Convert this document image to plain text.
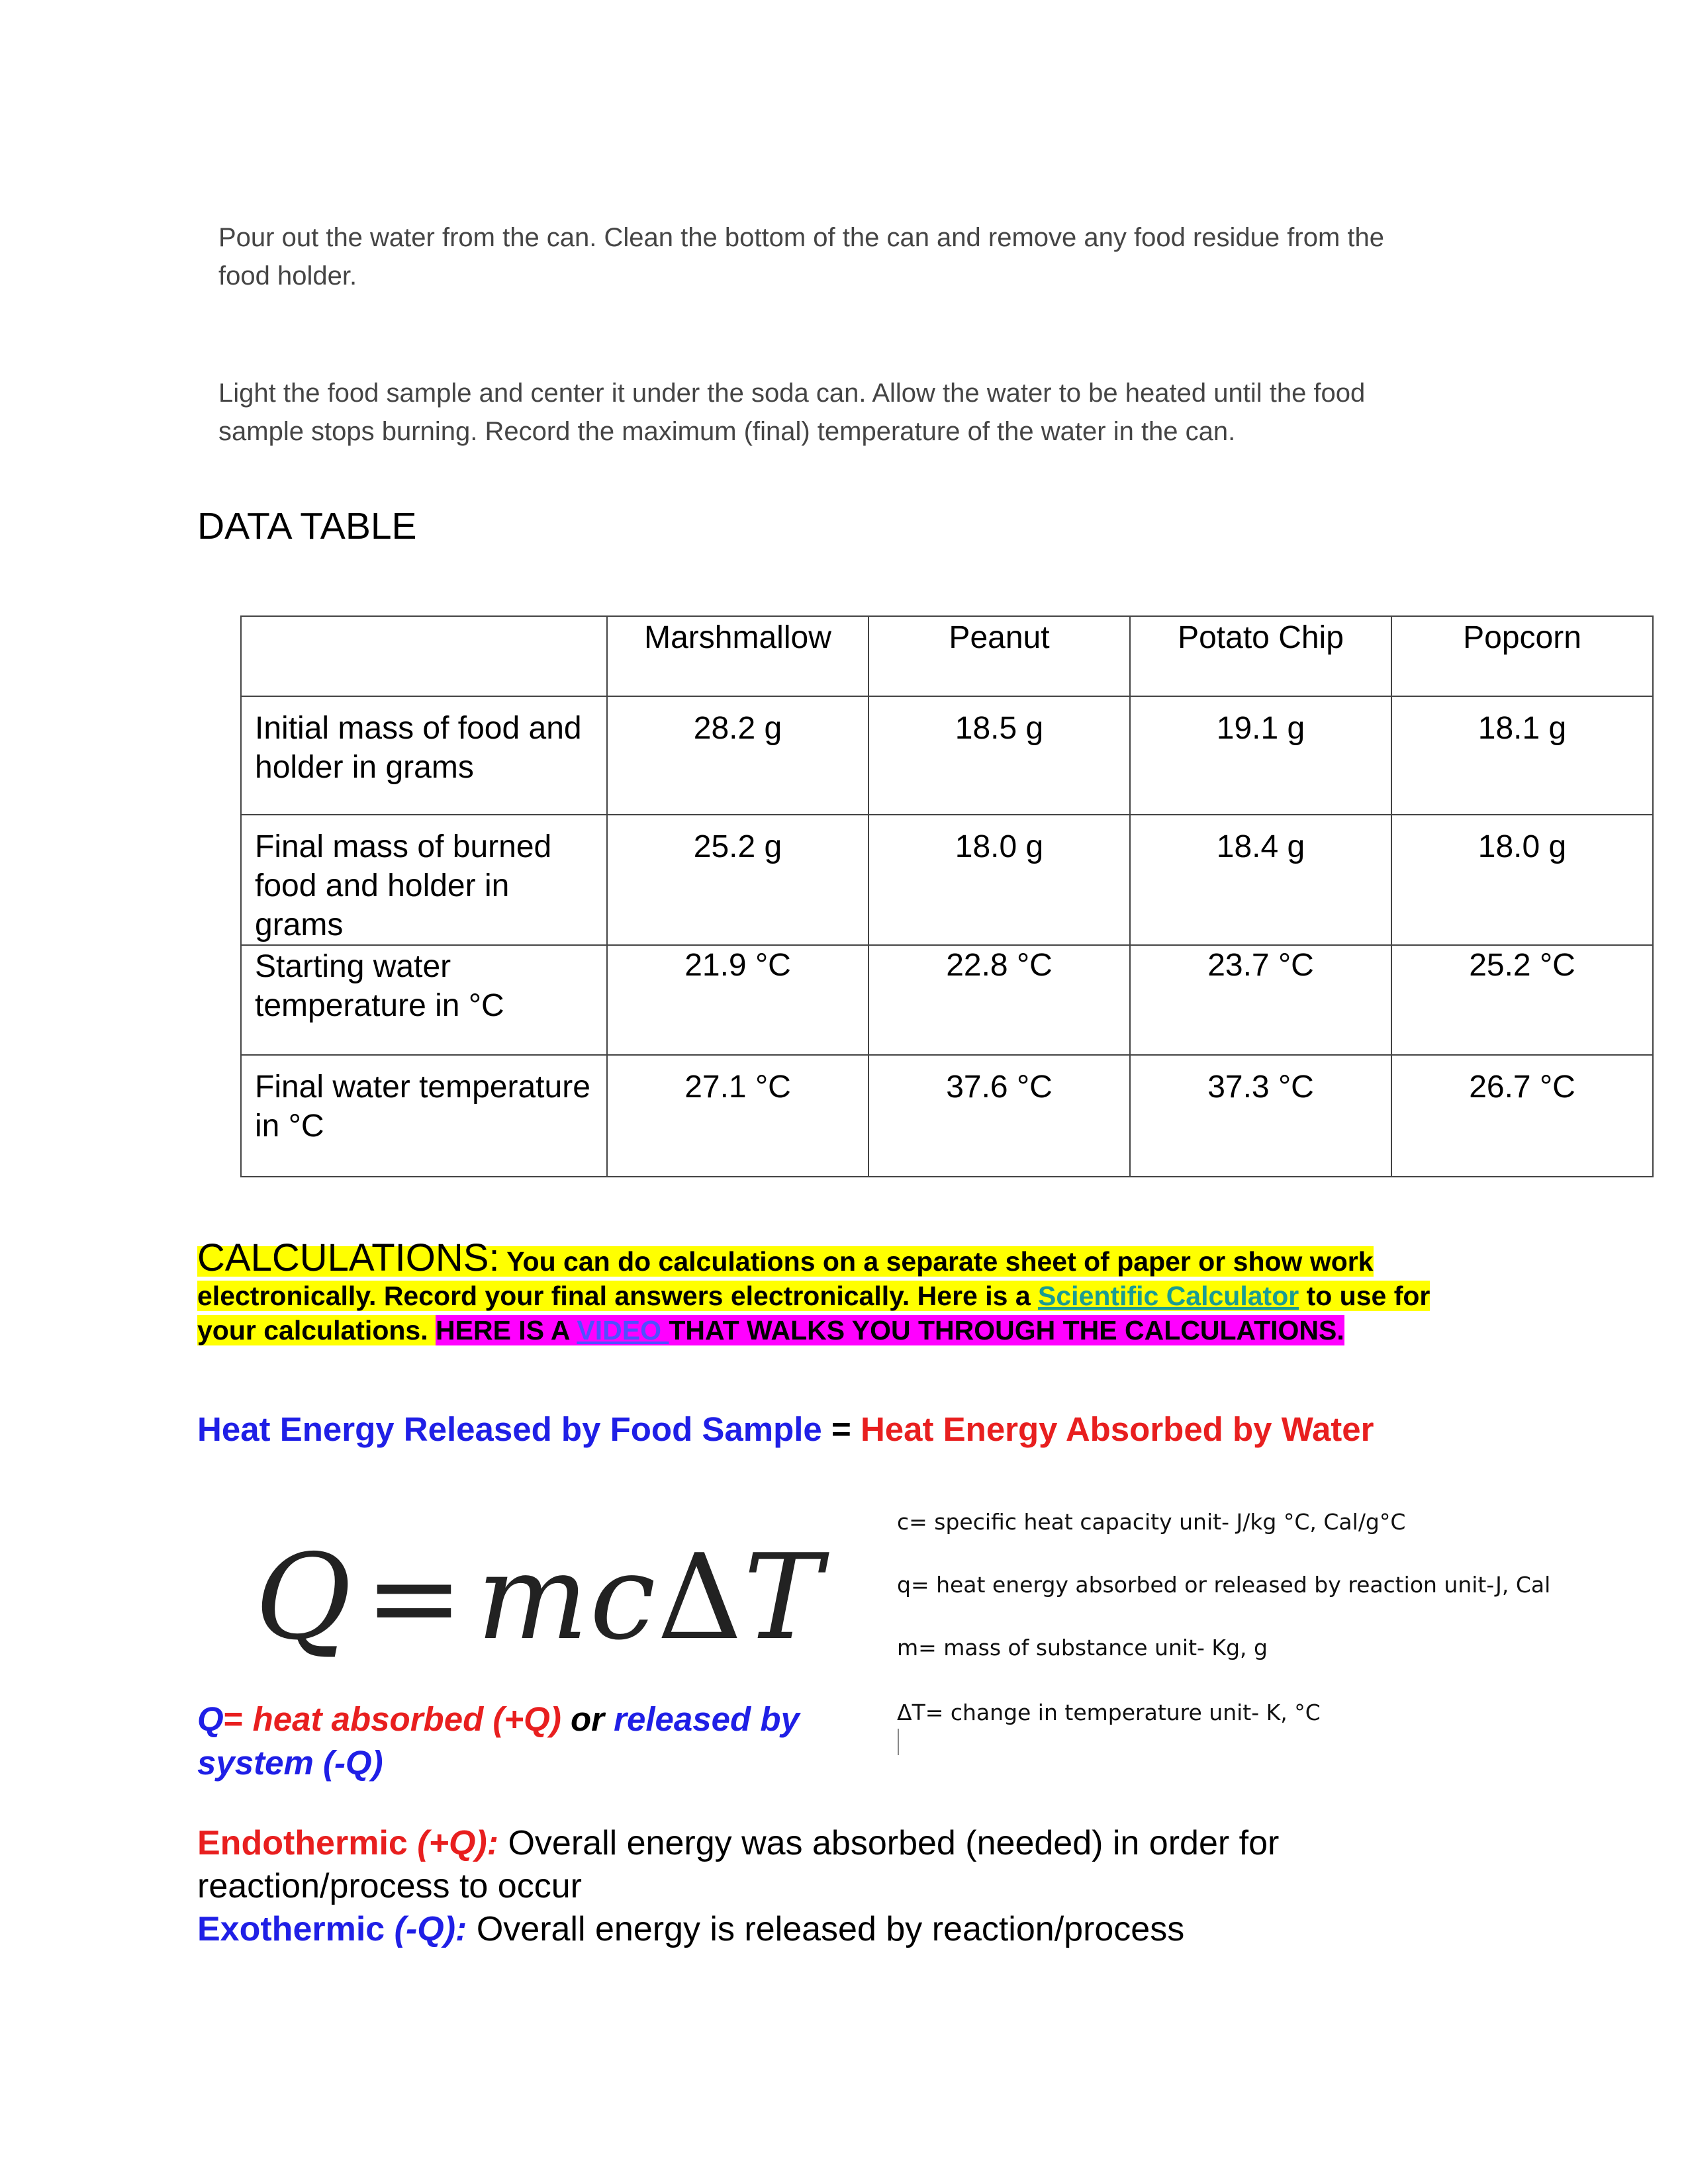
Pour out the water from the can. Clean the bottom of the can and remove any food residue from the food holder.
Light the food sample and center it under the soda can. Allow the water to be heated until the food sample stops burning. Record the maximum (final) temperature of the water in the can.
DATA TABLE
	Marshmallow	Peanut	Potato Chip	Popcorn
Initial mass of food and holder in grams	28.2 g	18.5 g	19.1 g	18.1 g
Final mass of burned food and holder in grams	25.2 g	18.0 g	18.4 g	18.0 g
Starting water temperature in °C	21.9 °C	22.8 °C	23.7 °C	25.2 °C
Final water temperature in °C	27.1 °C	37.6 °C	37.3 °C	26.7 °C
CALCULATIONS: You can do calculations on a separate sheet of paper or show work electronically. Record your final answers electronically. Here is a Scientific Calculator to use for your calculations. HERE IS A VIDEO THAT WALKS YOU THROUGH THE CALCULATIONS.
Heat Energy Released by Food Sample = Heat Energy Absorbed by Water
Q = mcΔT
c= specific heat capacity unit- J/kg °C, Cal/g°C
q= heat energy absorbed or released by reaction unit-J, Cal
m= mass of substance unit- Kg, g
ΔT= change in temperature unit- K, °C
Q= heat absorbed (+Q) or released by system (-Q)
Endothermic (+Q): Overall energy was absorbed (needed) in order for reaction/process to occur
Exothermic (-Q): Overall energy is released by reaction/process
